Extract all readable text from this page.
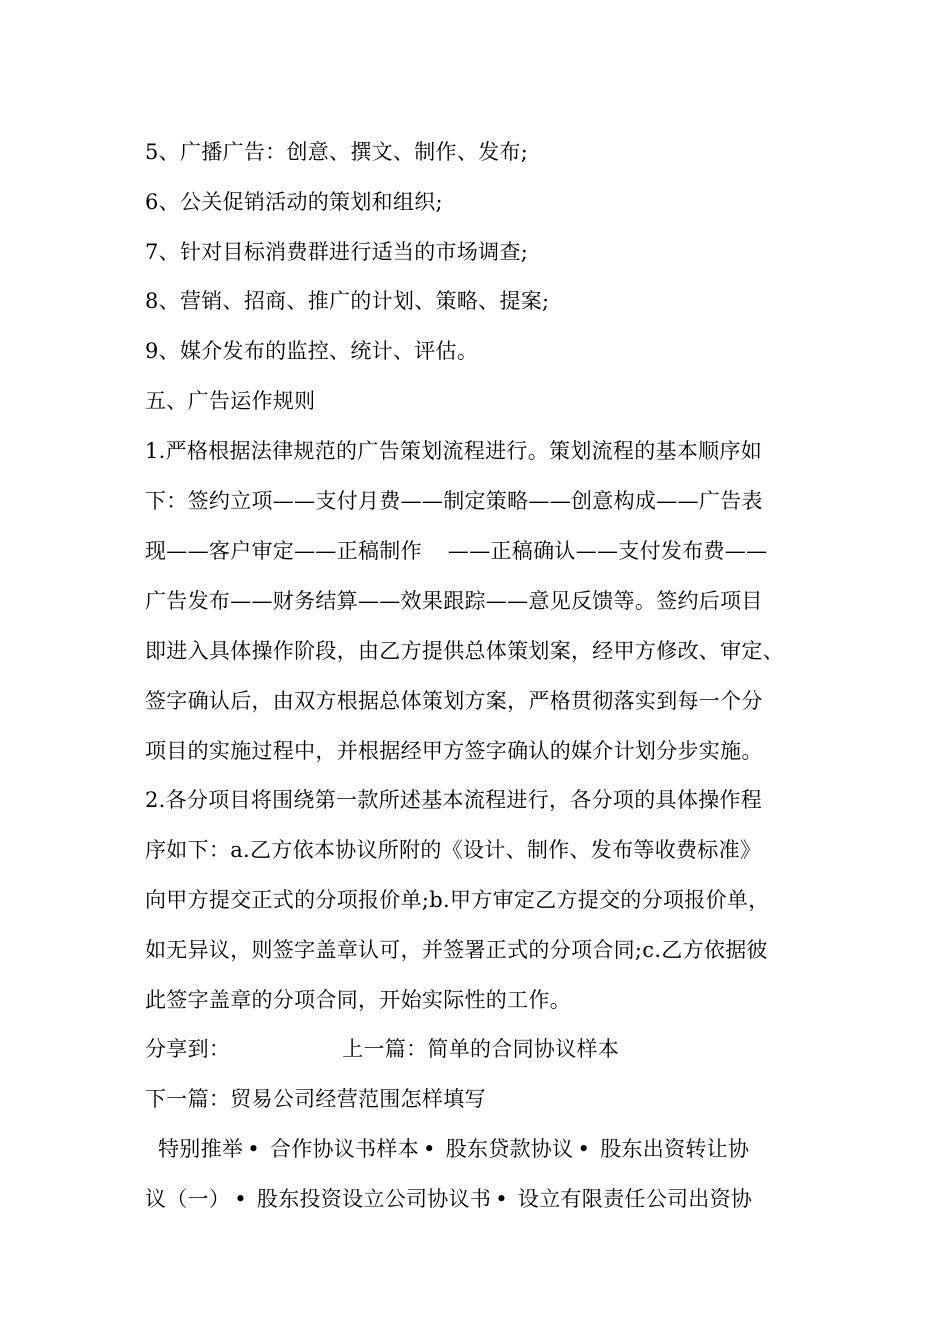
5、广播广告：创意、撰文、制作、发布;
6、公关促销活动的策划和组织;
7、针对目标消费群进行适当的市场调查;
8、营销、招商、推广的计划、策略、提案;
9、媒介发布的监控、统计、评估。
五、广告运作规则
1.严格根据法律规范的广告策划流程进行。策划流程的基本顺序如
下：签约立项——支付月费——制定策略——创意构成——广告表
现——客户审定——正稿制作 ——正稿确认——支付发布费——
广告发布——财务结算——效果跟踪——意见反馈等。签约后项目
即进入具体操作阶段，由乙方提供总体策划案，经甲方修改、审定、
签字确认后，由双方根据总体策划方案，严格贯彻落实到每一个分
项目的实施过程中，并根据经甲方签字确认的媒介计划分步实施。
2.各分项目将围绕第一款所述基本流程进行，各分项的具体操作程
序如下：a.乙方依本协议所附的《设计、制作、发布等收费标准》
向甲方提交正式的分项报价单;b.甲方审定乙方提交的分项报价单，
如无异议，则签字盖章认可，并签署正式的分项合同;c.乙方依据彼
此签字盖章的分项合同，开始实际性的工作。
分享到：	上一篇：简单的合同协议样本
下一篇：贸易公司经营范围怎样填写
特别推举 • 合作协议书样本 • 股东贷款协议 • 股东出资转让协
议（一） • 股东投资设立公司协议书 • 设立有限责任公司出资协
